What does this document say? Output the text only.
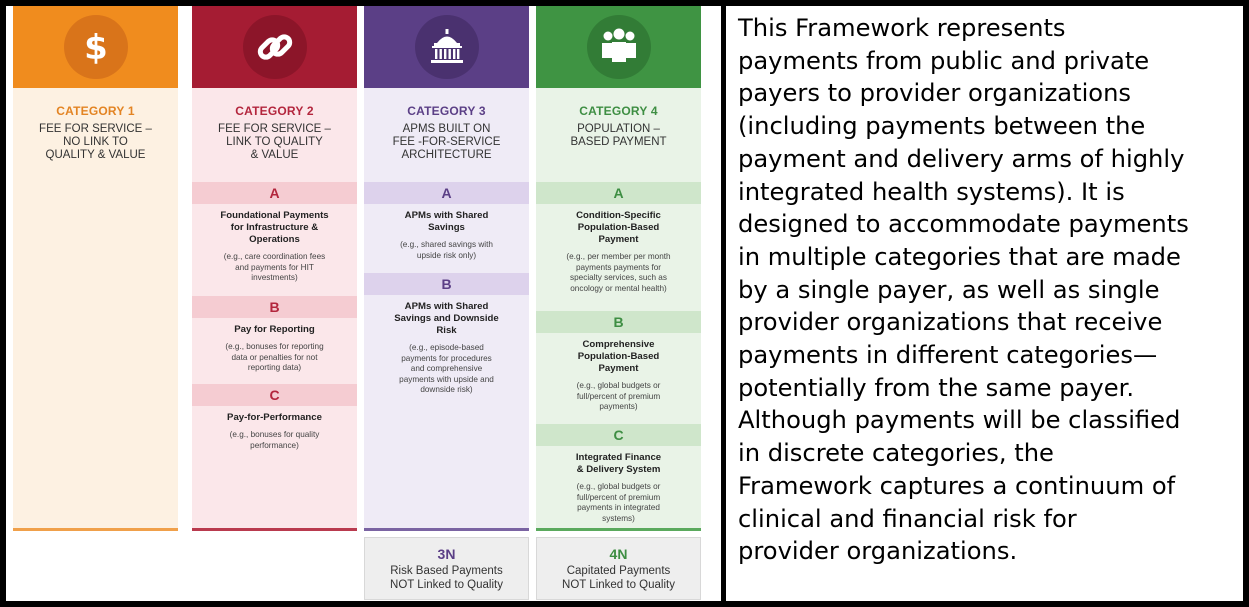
$
CATEGORY 1
FEE FOR SERVICE –
NO LINK TO
QUALITY & VALUE
CATEGORY 2
FEE FOR SERVICE –
LINK TO QUALITY
& VALUE
A
Foundational Payments
for Infrastructure &
Operations
(e.g., care coordination fees
and payments for HIT
investments)
B
Pay for Reporting
(e.g., bonuses for reporting
data or penalties for not
reporting data)
C
Pay-for-Performance
(e.g., bonuses for quality
performance)
CATEGORY 3
APMS BUILT ON
FEE -FOR-SERVICE
ARCHITECTURE
A
APMs with Shared
Savings
(e.g., shared savings with
upside risk only)
B
APMs with Shared
Savings and Downside
Risk
(e.g., episode-based
payments for procedures
and comprehensive
payments with upside and
downside risk)
3N
Risk Based Payments
NOT Linked to Quality
CATEGORY 4
POPULATION –
BASED PAYMENT
A
Condition-Specific
Population-Based
Payment
(e.g., per member per month
payments payments for
specialty services, such as
oncology or mental health)
B
Comprehensive
Population-Based
Payment
(e.g., global budgets or
full/percent of premium
payments)
C
Integrated Finance
& Delivery System
(e.g., global budgets or
full/percent of premium
payments in integrated
systems)
4N
Capitated Payments
NOT Linked to Quality
This Framework represents
payments from public and private
payers to provider organizations
(including payments between the
payment and delivery arms of highly
integrated health systems). It is
designed to accommodate payments
in multiple categories that are made
by a single payer, as well as single
provider organizations that receive
payments in different categories—
potentially from the same payer.
Although payments will be classified
in discrete categories, the
Framework captures a continuum of
clinical and financial risk for
provider organizations.
